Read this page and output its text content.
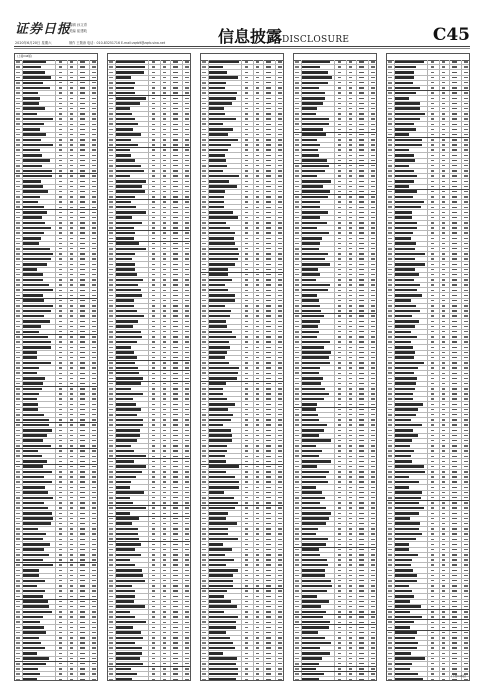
证券日报
2020年6月20日 星期六
编辑 孙文青
美编 崔建岐
制作 王敬涛 电话：010-83251716 E-mail:zqrb9@zqrb.sina.net	信息披露DISCLOSURE	C45
(上接C44版)
(下转C46版)
